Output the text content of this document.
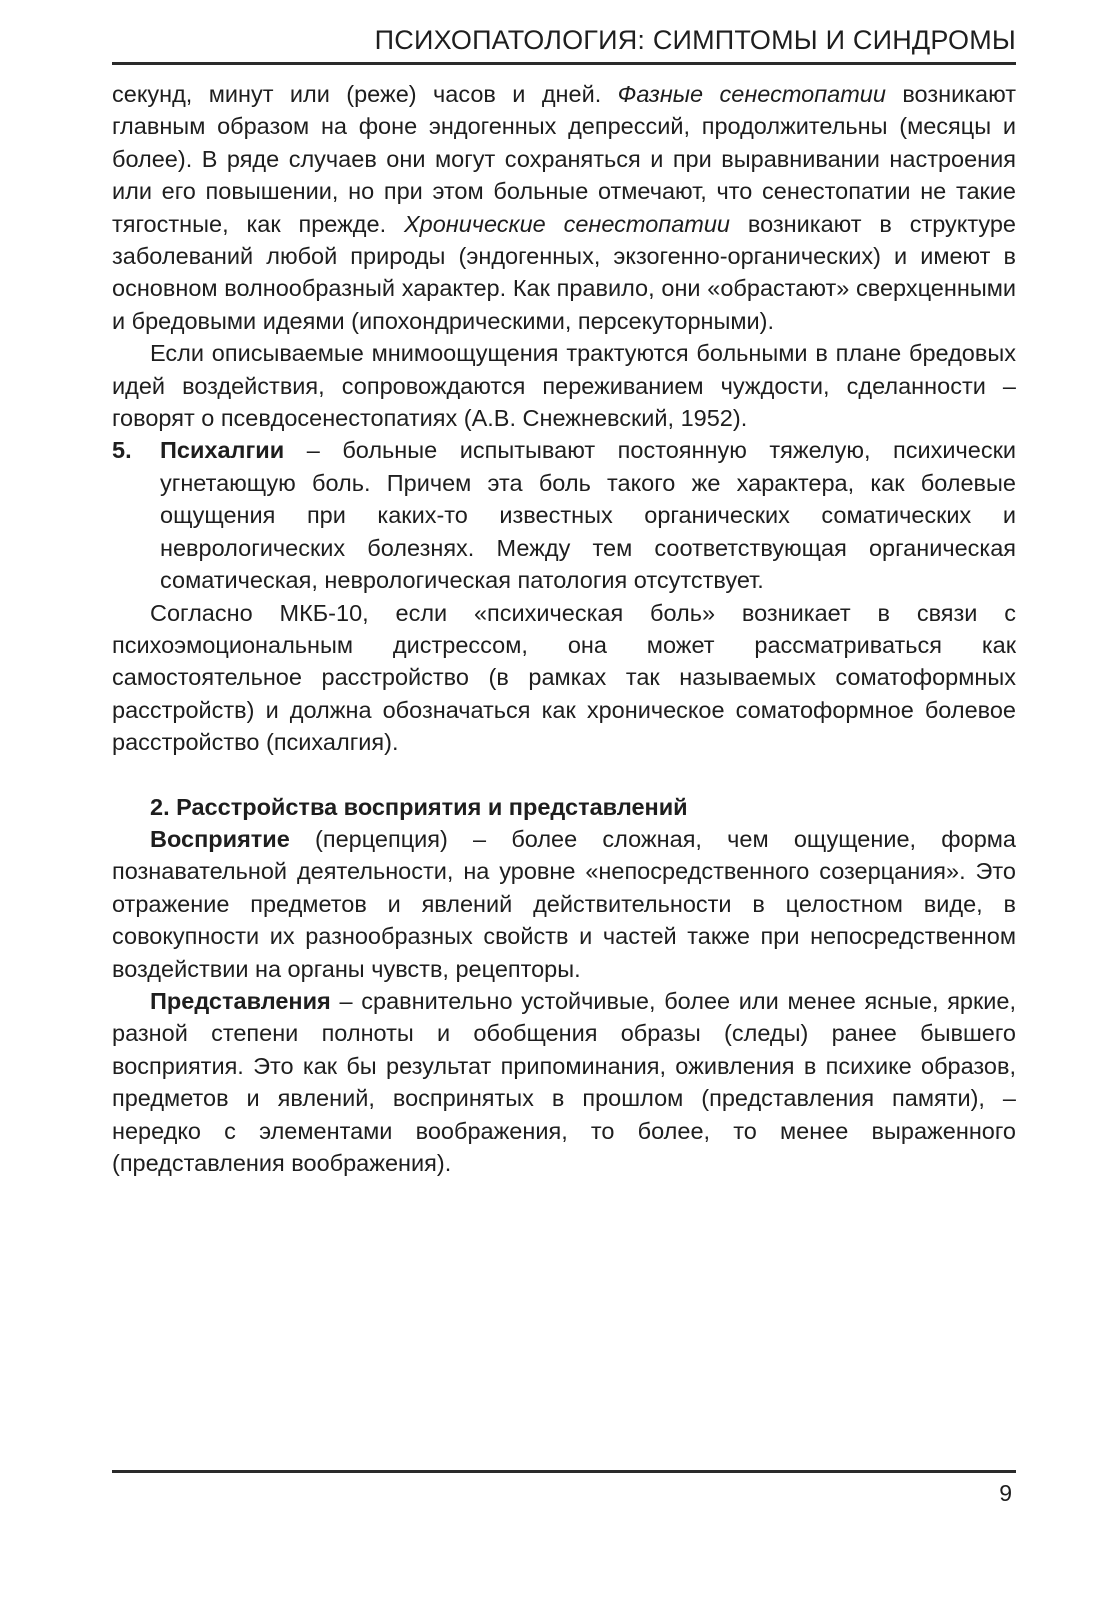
ПСИХОПАТОЛОГИЯ: СИМПТОМЫ И СИНДРОМЫ

секунд, минут или (реже) часов и дней. Фазные сенестопатии возникают главным образом на фоне эндогенных депрессий, продолжительны (месяцы и более). В ряде случаев они могут сохраняться и при выравнивании настроения или его повышении, но при этом больные отмечают, что сенестопатии не такие тягостные, как прежде. Хронические сенестопатии возникают в структуре заболеваний любой природы (эндогенных, экзогенно-органических) и имеют в основном волнообразный характер. Как правило, они «обрастают» сверхценными и бредовыми идеями (ипохондрическими, персекуторными).

Если описываемые мнимоощущения трактуются больными в плане бредовых идей воздействия, сопровождаются переживанием чуждости, сделанности – говорят о псевдосенестопатиях (А.В. Снежневский, 1952).

5.	Психалгии – больные испытывают постоянную тяжелую, психически угнетающую боль. Причем эта боль такого же характера, как болевые ощущения при каких-то известных органических соматических и неврологических болезнях. Между тем соответствующая органическая соматическая, неврологическая патология отсутствует.

Согласно МКБ-10, если «психическая боль» возникает в связи с психоэмоциональным дистрессом, она может рассматриваться как самостоятельное расстройство (в рамках так называемых соматоформных расстройств) и должна обозначаться как хроническое соматоформное болевое расстройство (психалгия).

2. Расстройства восприятия и представлений

Восприятие (перцепция) – более сложная, чем ощущение, форма познавательной деятельности, на уровне «непосредственного созерцания». Это отражение предметов и явлений действительности в целостном виде, в совокупности их разнообразных свойств и частей также при непосредственном воздействии на органы чувств, рецепторы.

Представления – сравнительно устойчивые, более или менее ясные, яркие, разной степени полноты и обобщения образы (следы) ранее бывшего восприятия. Это как бы результат припоминания, оживления в психике образов, предметов и явлений, воспринятых в прошлом (представления памяти), – нередко с элементами воображения, то более, то менее выраженного (представления воображения).

9
